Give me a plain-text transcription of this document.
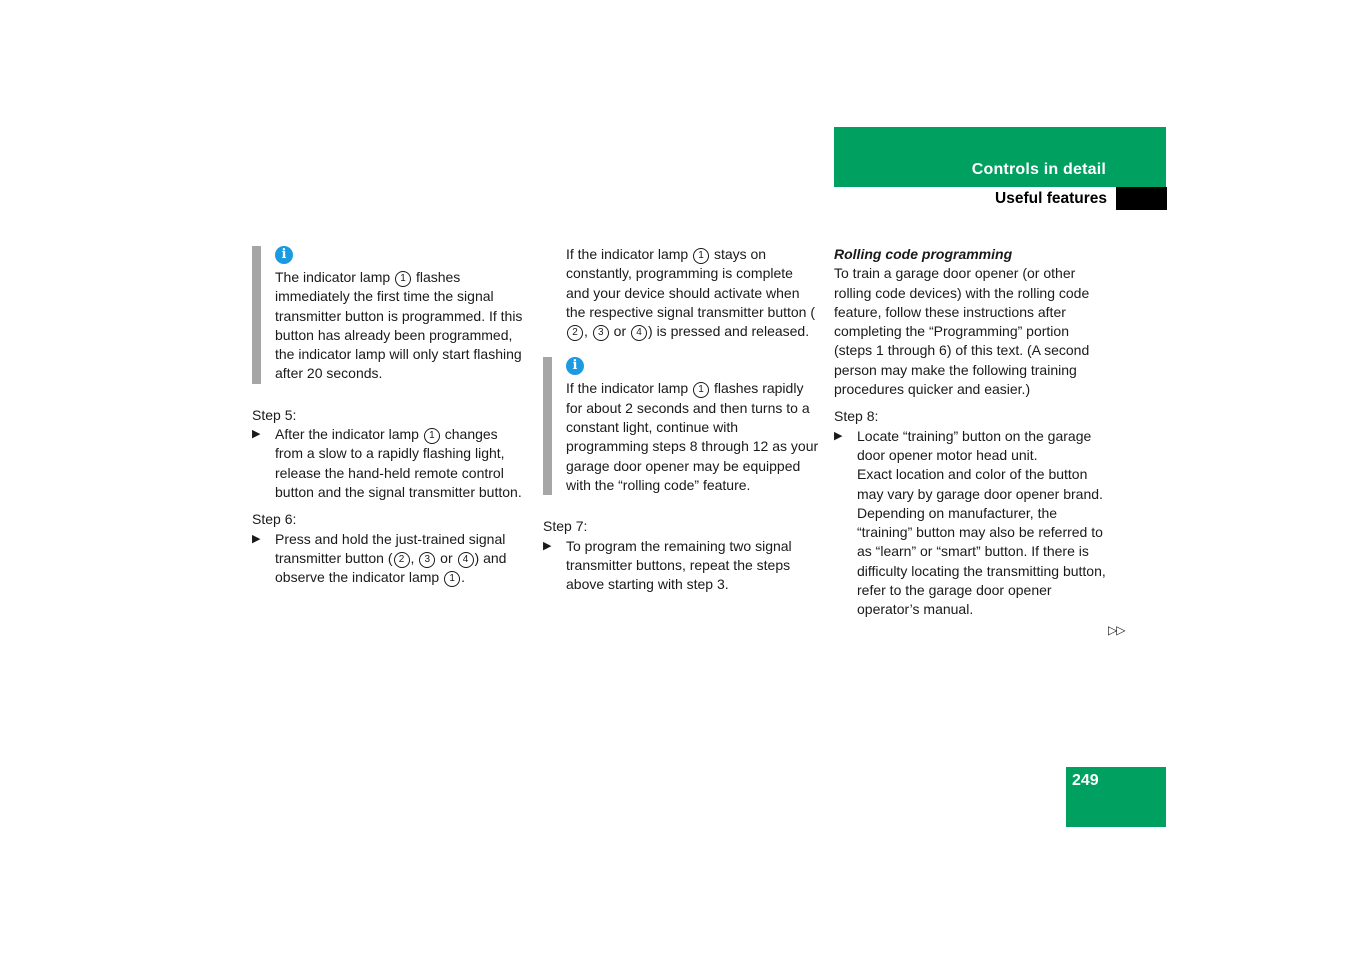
Controls in detail
Useful features
i

The indicator lamp 1 flashes immediately the first time the signal transmitter button is programmed. If this button has already been programmed, the indicator lamp will only start flashing after 20 seconds.

Step 5:

▶ After the indicator lamp 1 changes from a slow to a rapidly flashing light, release the hand-held remote control button and the signal transmitter button.

Step 6:

▶ Press and hold the just-trained signal transmitter button ( 2 , 3 or 4 ) and observe the indicator lamp 1 .

If the indicator lamp 1 stays on constantly, programming is complete and your device should activate when the respective signal transmitter button (2 , 3 or 4 ) is pressed and released.

i

If the indicator lamp 1 flashes rapidly for about 2 seconds and then turns to a constant light, continue with programming steps 8 through 12 as your garage door opener may be equipped with the “rolling code” feature.

Step 7:

▶ To program the remaining two signal transmitter buttons, repeat the steps above starting with step 3.

Rolling code programming

To train a garage door opener (or other rolling code devices) with the rolling code feature, follow these instructions after completing the “Programming” portion (steps 1 through 6) of this text. (A second person may make the following training procedures quicker and easier.)

Step 8:

▶ Locate “training” button on the garage door opener motor head unit.

Exact location and color of the button may vary by garage door opener brand. Depending on manufacturer, the “training” button may also be referred to as “learn” or “smart” button. If there is difficulty locating the transmitting button, refer to the garage door opener operator’s manual.

▷▷
249
